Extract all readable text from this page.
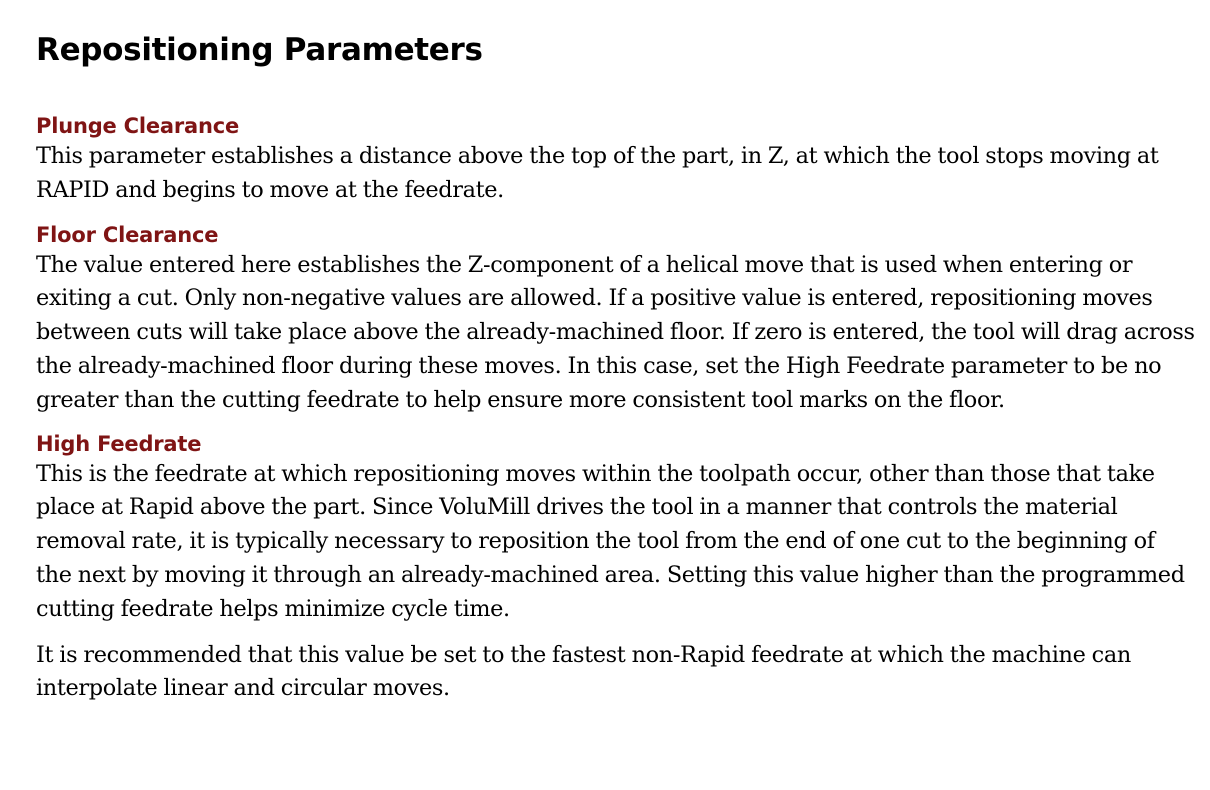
Repositioning Parameters
Plunge Clearance

This parameter establishes a distance above the top of the part, in Z, at which the tool stops moving at RAPID and begins to move at the feedrate.

Floor Clearance

The value entered here establishes the Z-component of a helical move that is used when entering or exiting a cut. Only non-negative values are allowed. If a positive value is entered, repositioning moves between cuts will take place above the already-machined floor. If zero is entered, the tool will drag across the already-machined floor during these moves. In this case, set the High Feedrate parameter to be no greater than the cutting feedrate to help ensure more consistent tool marks on the floor.

High Feedrate

This is the feedrate at which repositioning moves within the toolpath occur, other than those that take place at Rapid above the part. Since VoluMill drives the tool in a manner that controls the material removal rate, it is typically necessary to reposition the tool from the end of one cut to the beginning of the next by moving it through an already-machined area. Setting this value higher than the programmed cutting feedrate helps minimize cycle time.

It is recommended that this value be set to the fastest non-Rapid feedrate at which the machine can interpolate linear and circular moves.
